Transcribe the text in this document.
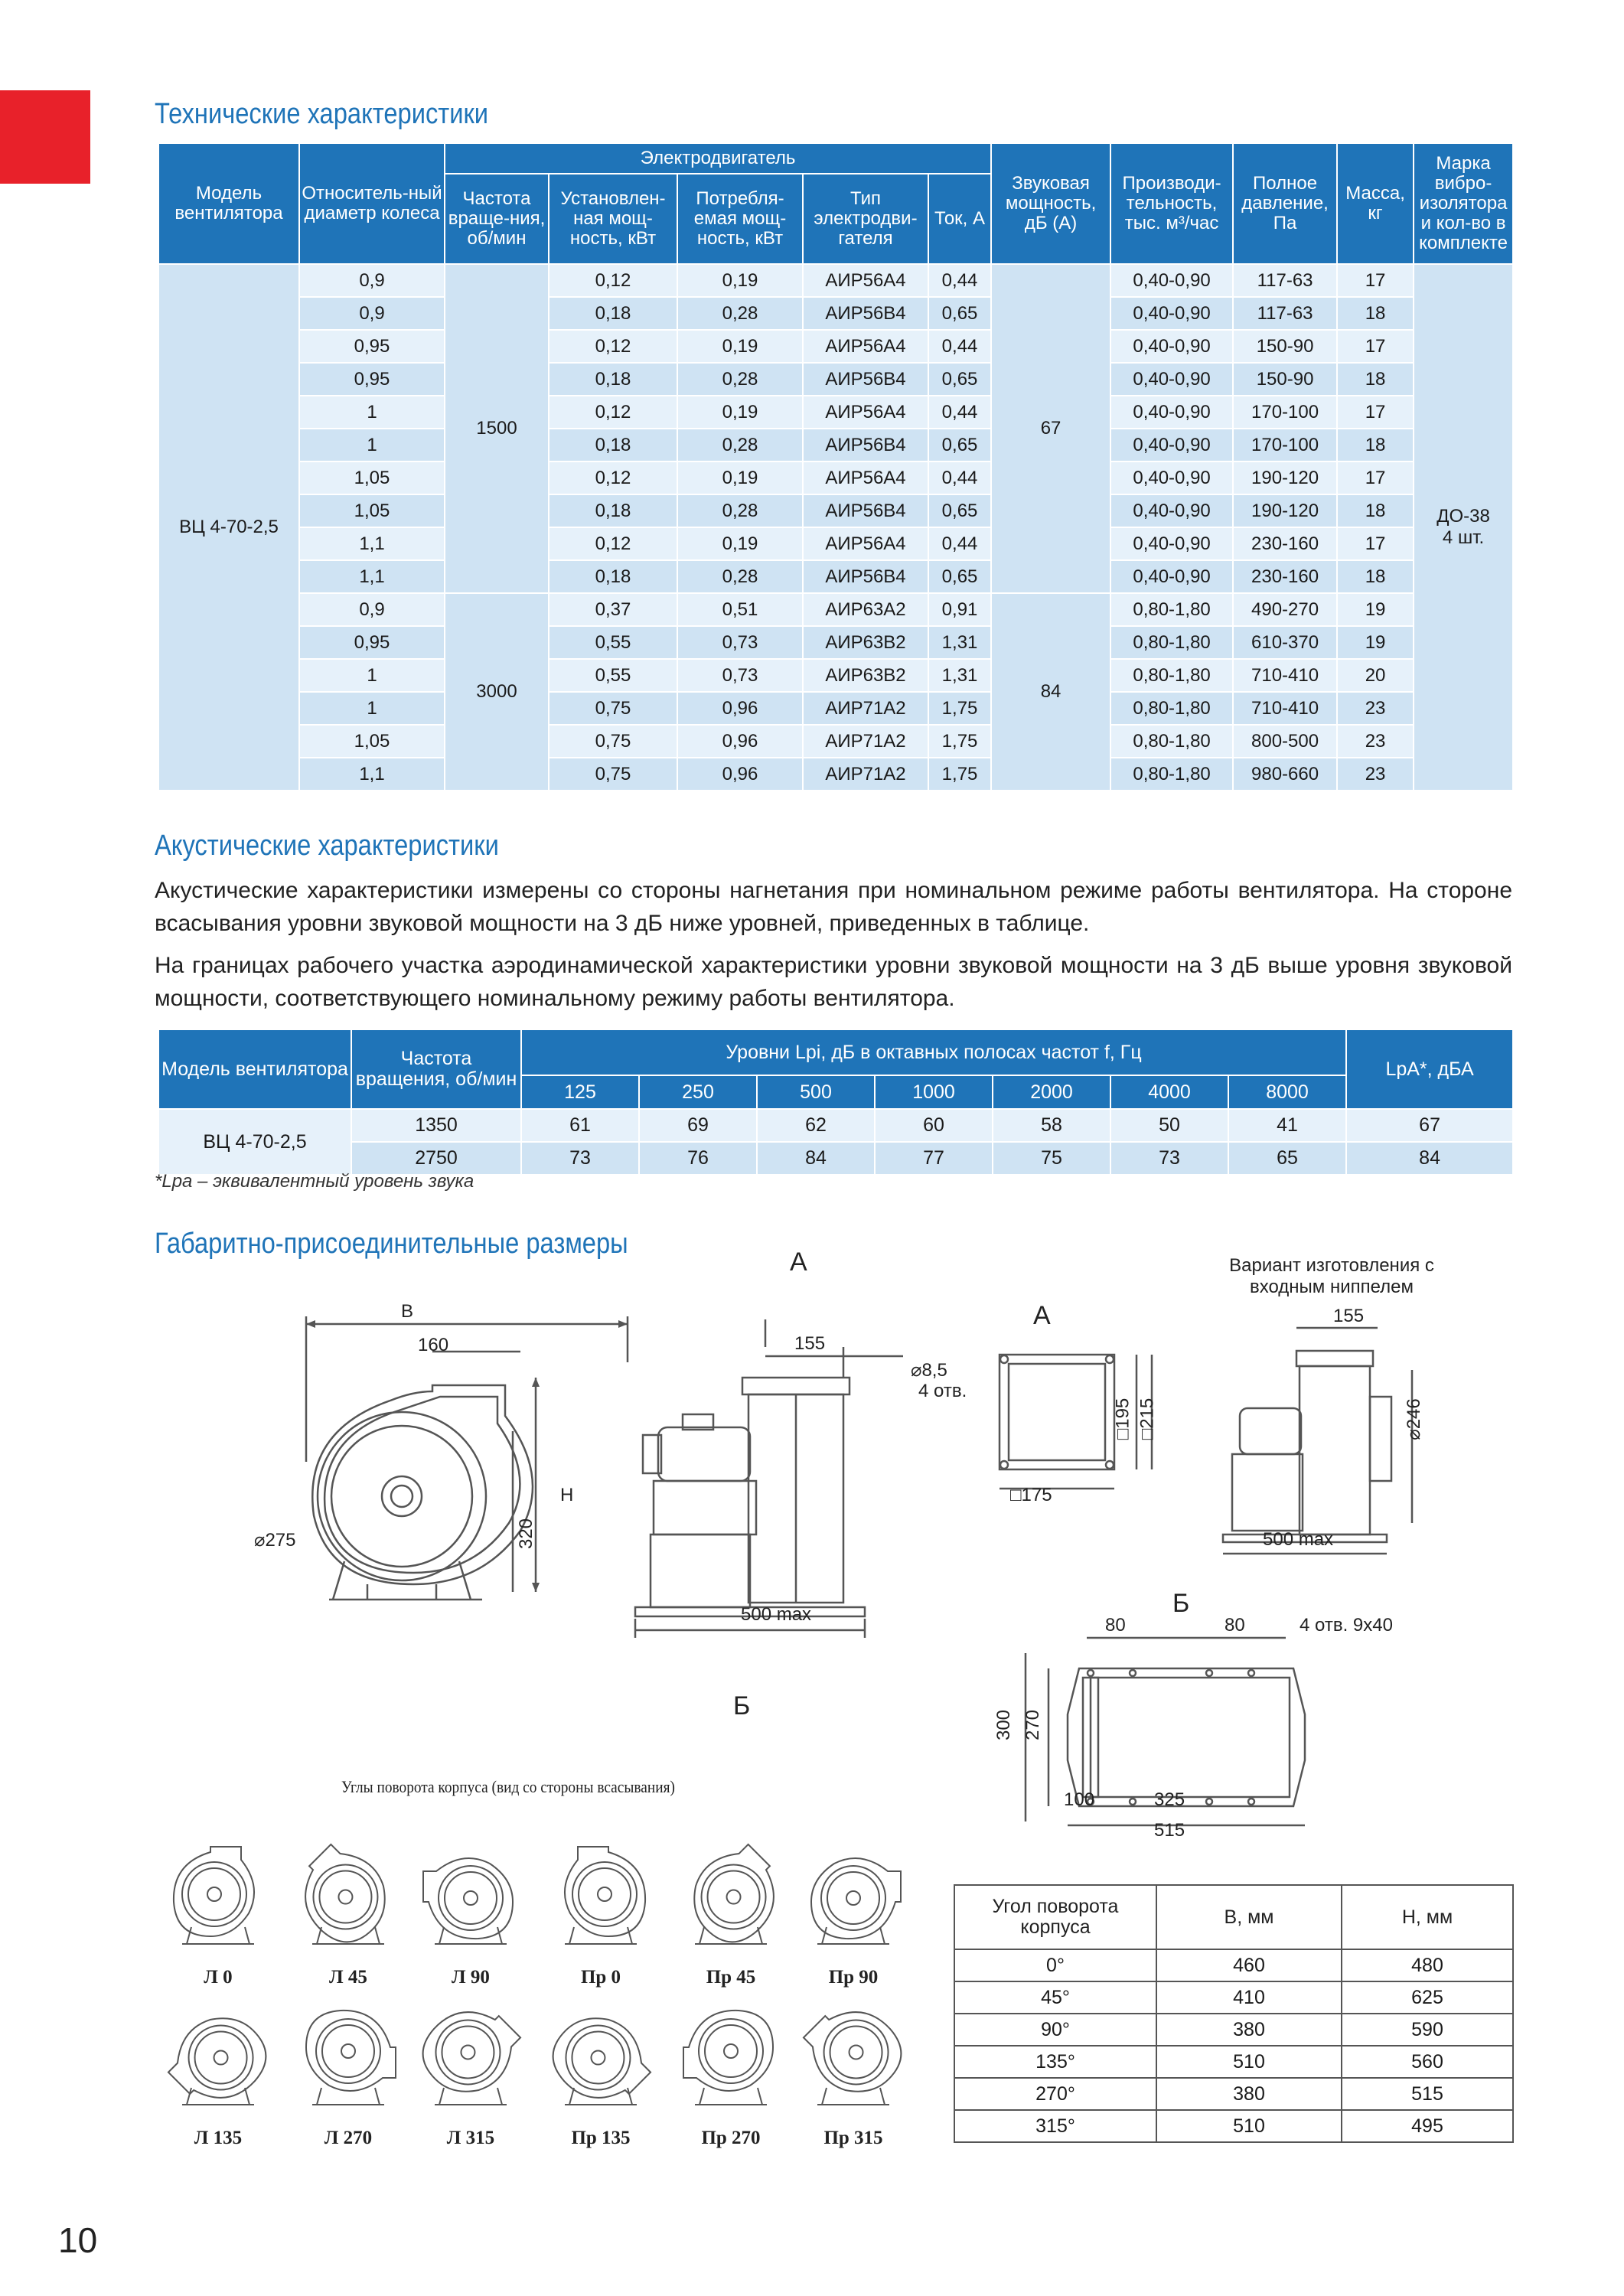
Технические характеристики
Модель вентилятора	Относитель-ный диаметр колеса	Электродвигатель					Звуковая мощность, дБ (А)	Производи-тельность, тыс. м³/час	Полное давление, Па	Масса, кг	Марка вибро-изолятора и кол-во в комплекте
		Частота враще-ния, об/мин	Установлен-ная мощ-ность, кВт	Потребля-емая мощ-ность, кВт	Тип электродви-гателя	Ток, А					
ВЦ 4-70-2,5	0,9	1500	0,12	0,19	АИР56А4	0,44	67	0,40-0,90	117-63	17	ДО-38
4 шт.

	0,9		0,18	0,28	АИР56В4	0,65		0,40-0,90	117-63	18	
	0,95		0,12	0,19	АИР56А4	0,44		0,40-0,90	150-90	17	
	0,95		0,18	0,28	АИР56В4	0,65		0,40-0,90	150-90	18	
	1		0,12	0,19	АИР56А4	0,44		0,40-0,90	170-100	17	
	1		0,18	0,28	АИР56В4	0,65		0,40-0,90	170-100	18	
	1,05		0,12	0,19	АИР56А4	0,44		0,40-0,90	190-120	17	
	1,05		0,18	0,28	АИР56В4	0,65		0,40-0,90	190-120	18	
	1,1		0,12	0,19	АИР56А4	0,44		0,40-0,90	230-160	17	
	1,1		0,18	0,28	АИР56В4	0,65		0,40-0,90	230-160	18	
	0,9	3000	0,37	0,51	АИР63А2	0,91	84	0,80-1,80	490-270	19	
	0,95		0,55	0,73	АИР63В2	1,31		0,80-1,80	610-370	19	
	1		0,55	0,73	АИР63В2	1,31		0,80-1,80	710-410	20	
	1		0,75	0,96	АИР71А2	1,75		0,80-1,80	710-410	23	
	1,05		0,75	0,96	АИР71А2	1,75		0,80-1,80	800-500	23	
	1,1		0,75	0,96	АИР71А2	1,75		0,80-1,80	980-660	23	
Акустические характеристики
Акустические характеристики измерены со стороны нагнетания при номинальном режиме работы вентилятора. На стороне всасывания уровни звуковой мощности на 3 дБ ниже уровней, приведенных в таблице.
На границах рабочего участка аэродинамической характеристики уровни звуковой мощности на 3 дБ выше уровня звуковой мощности, соответствующего номинальному режиму работы вентилятора.
Модель вентилятора	Частота вращения, об/мин	Уровни Lpi, дБ в октавных полосах частот f, Гц							LpA*, дБА
		125	250	500	1000	2000	4000	8000	
ВЦ 4-70-2,5	1350	61	69	62	60	58	50	41	67
	2750	73	76	84	77	75	73	65	84
*Lpa – эквивалентный уровень звука
Габаритно-присоединительные размеры
В
160
Н
320
⌀275
А
155
500 max
Б
А
⌀8,5
4 отв.
□195 □215
□175
Вариант изготовления с входным ниппелем
155
⌀246
500 max
Б
80	80	4 отв. 9х40
300 270
100	325
515
Углы поворота корпуса (вид со стороны всасывания)
Л 0	Л 45	Л 90	Пр 0	Пр 45	Пр 90
Л 135	Л 270	Л 315	Пр 135	Пр 270	Пр 315
Угол поворота корпуса	В, мм	Н, мм
0°	460	480
45°	410	625
90°	380	590
135°	510	560
270°	380	515
315°	510	495
10
